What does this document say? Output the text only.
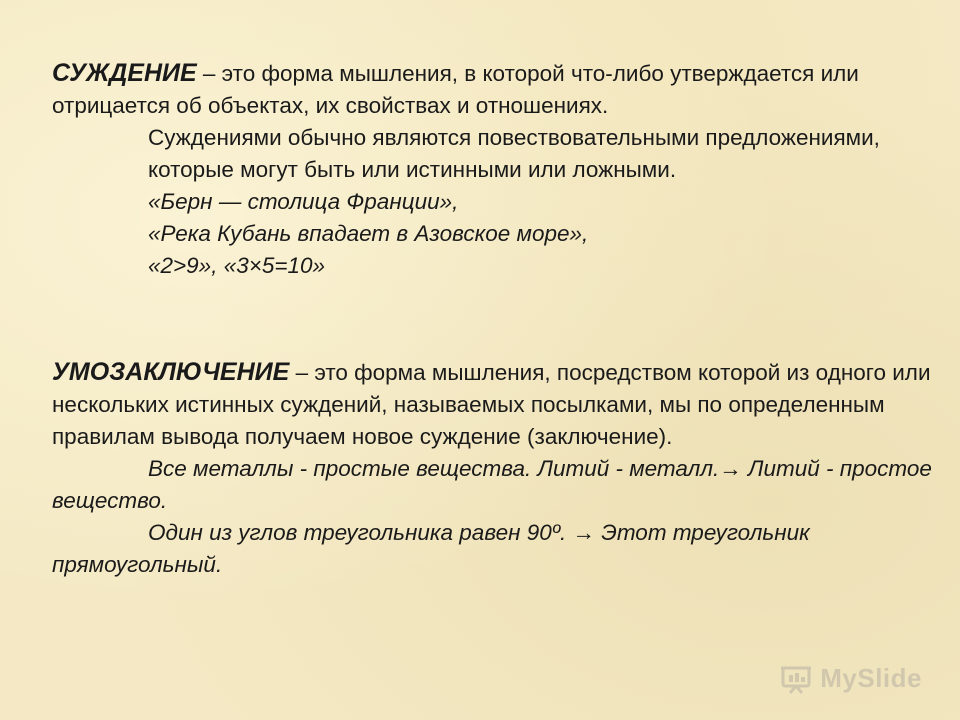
СУЖДЕНИЕ – это форма мышления, в которой что-либо утверждается или отрицается об объектах, их свойствах и отношениях.

Суждениями обычно являются повествовательными предложениями, которые могут быть или истинными или ложными.

«Берн — столица Франции»,

«Река Кубань впадает в Азовское море»,

«2>9», «3×5=10»

УМОЗАКЛЮЧЕНИЕ – это форма мышления, посредством которой из одного или нескольких истинных суждений, называемых посылками, мы по определенным правилам вывода получаем новое суждение (заключение).

Все металлы - простые вещества. Литий - металл.→ Литий - простое вещество.

Один из углов треугольника равен 90º. → Этот треугольник прямоугольный.

MySlide
